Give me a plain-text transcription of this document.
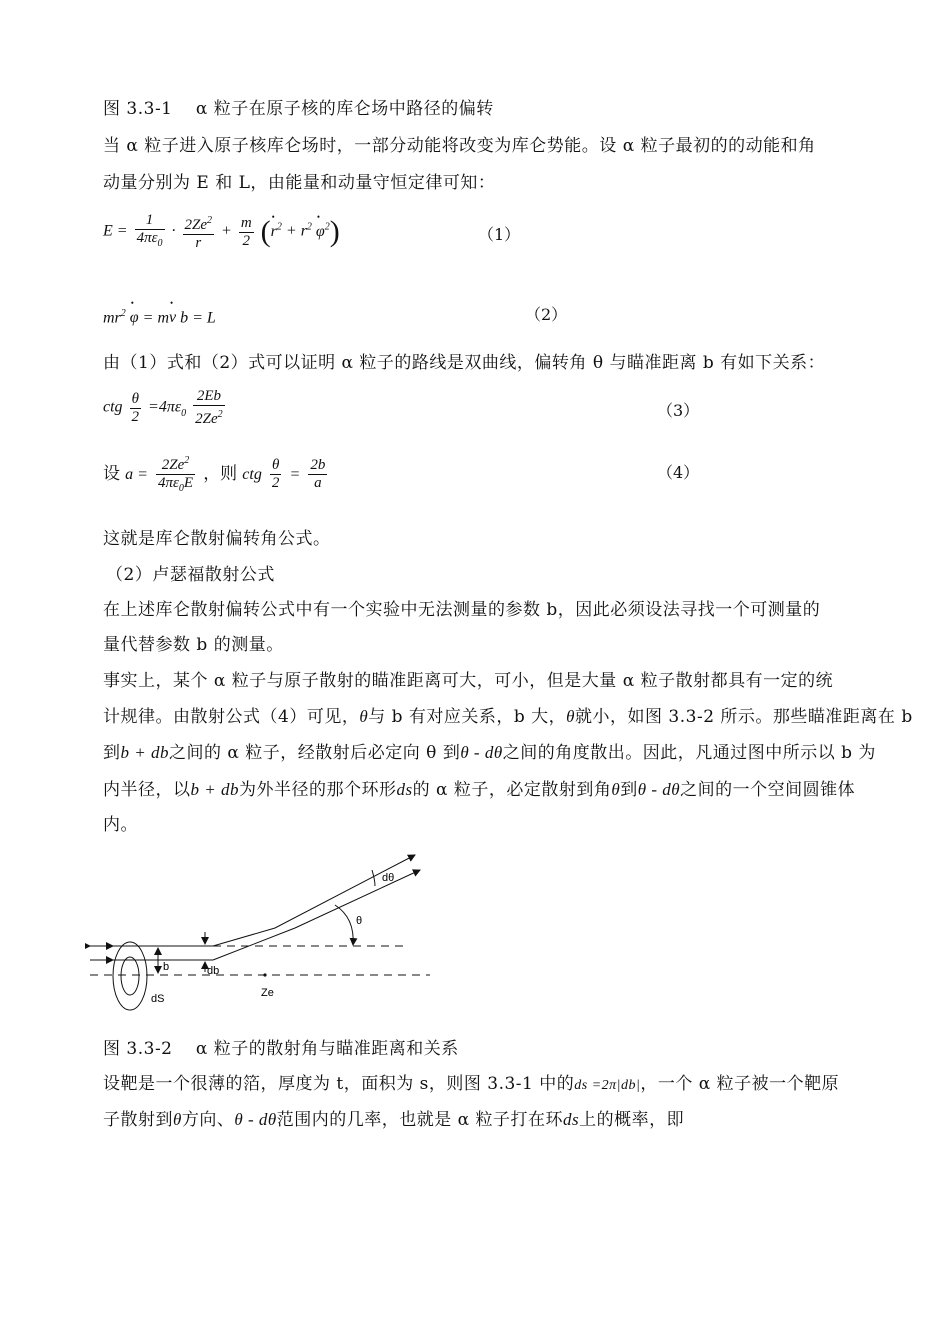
图 3.3-1　 α 粒子在原子核的库仑场中路径的偏转
当 α 粒子进入原子核库仑场时，一部分动能将改变为库仑势能。设 α 粒子最初的的动能和角
动量分别为 E 和 L，由能量和动量守恒定律可知：
$E = \frac{1}{4\pi\varepsilon_0} \cdot \frac{2Ze^2}{r} + \frac{m}{2}$ (• $r^2 + r^2$ • $\varphi^2$)	（1）
$mr^2$ • φ = m• v b = L	（2）
由（1）式和（2）式可以证明 α 粒子的路线是双曲线，偏转角 θ 与瞄准距离 b 有如下关系：
ctg $\frac{\theta}{2} =4\pi\varepsilon_0 \frac{2Eb}{2Ze^2}$	（3）
设 $a = \frac{2Ze^2}{4\pi\varepsilon_0E}$ ，则 ctg $\frac{\theta}{2} = \frac{2b}{a}$	（4）
这就是库仑散射偏转角公式。
（2）卢瑟福散射公式
在上述库仑散射偏转公式中有一个实验中无法测量的参数 b，因此必须设法寻找一个可测量的
量代替参数 b 的测量。
事实上，某个 α 粒子与原子散射的瞄准距离可大，可小，但是大量 α 粒子散射都具有一定的统
计规律。由散射公式（4）可见，θ与 b 有对应关系，b 大，θ就小，如图 3.3-2 所示。那些瞄准距离在 b
到b + db之间的 α 粒子，经散射后必定向 θ 到θ - dθ之间的角度散出。因此，凡通过图中所示以 b 为
内半径，以b + db为外半径的那个环形ds的 α 粒子，必定散射到角θ到θ - dθ之间的一个空间圆锥体
内。
dθ
θ
b	db
dS	Ze
图 3.3-2　 α 粒子的散射角与瞄准距离和关系
设靶是一个很薄的箔，厚度为 t，面积为 s，则图 3.3-1 中的ds =2π|db|，一个 α 粒子被一个靶原
子散射到θ方向、θ - dθ范围内的几率，也就是 α 粒子打在环ds上的概率，即
